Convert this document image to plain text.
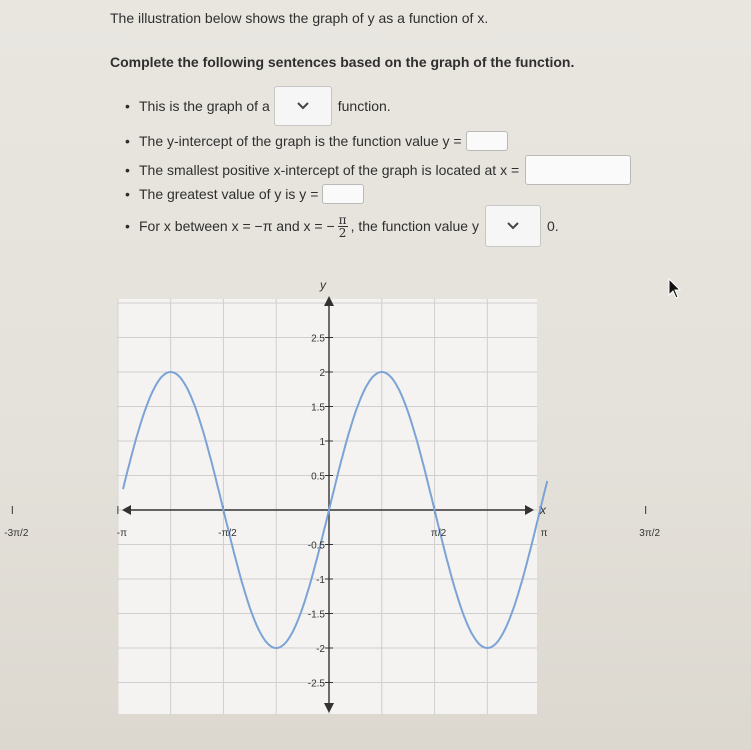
The illustration below shows the graph of y as a function of x.
Complete the following sentences based on the graph of the function.
• This is the graph of a	function.
• The y-intercept of the graph is the function value y =
• The smallest positive x-intercept of the graph is located at x =
• The greatest value of y is y =
• For x between x = −π and x = − $\frac{\pi}{2}$ , the function value y	0.
x
y
-3π/2	-π	-π/2	π/2	π	3π/2
2.5
2
1.5
1
0.5
-0.5
-1
-1.5
-2
-2.5
